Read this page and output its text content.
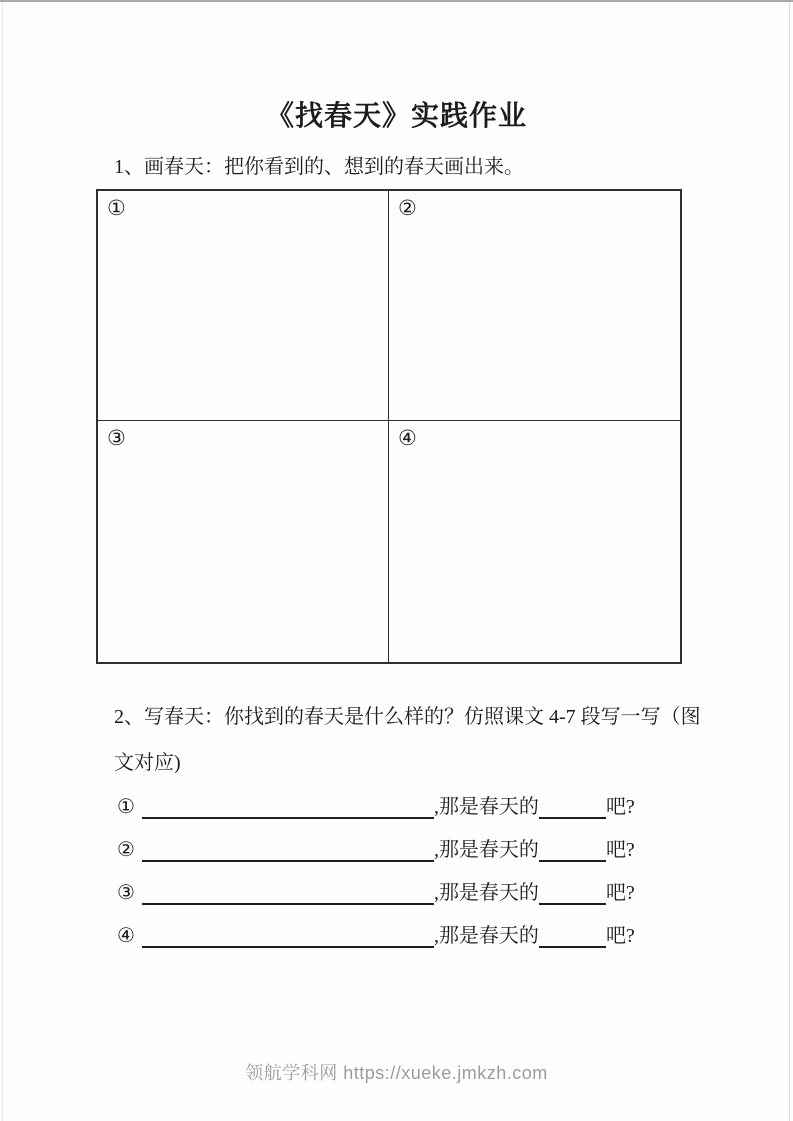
《找春天》实践作业

1、画春天：把你看到的、想到的春天画出来。

①	②
③	④
2、写春天：你找到的春天是什么样的？仿照课文 4-7 段写一写（图
文对应)
①	,那是春天的	吧?
②	,那是春天的	吧?
③	,那是春天的	吧?
④	,那是春天的	吧?
领航学科网 https://xueke.jmkzh.com
